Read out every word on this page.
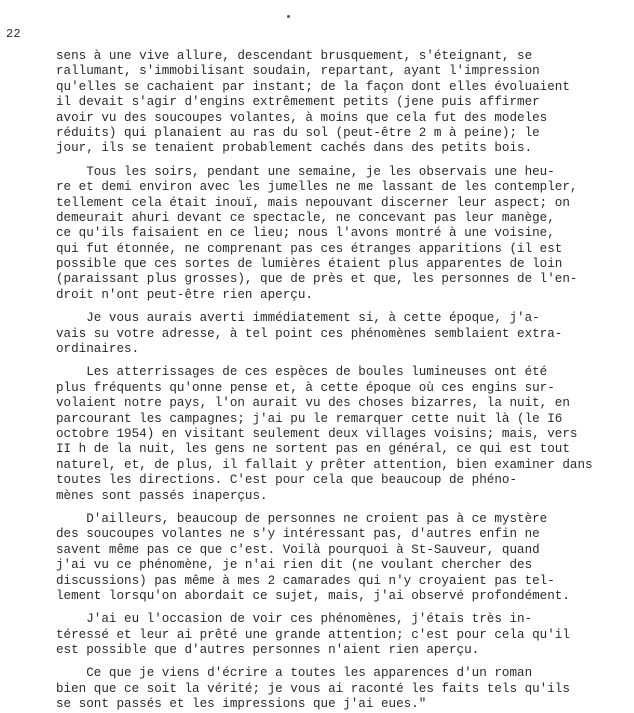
22
sens à une vive allure, descendant brusquement, s'éteignant, se
rallumant, s'immobilisant soudain, repartant, ayant l'impression
qu'elles se cachaient par instant; de la façon dont elles évoluaient
il devait s'agir d'engins extrêmement petits (jene puis affirmer
avoir vu des soucoupes volantes, à moins que cela fut des modeles
réduits) qui planaient au ras du sol (peut-être 2 m à peine); le
jour, ils se tenaient probablement cachés dans des petits bois.
Tous les soirs, pendant une semaine, je les observais une heu-
re et demi environ avec les jumelles ne me lassant de les contempler,
tellement cela était inouï, mais nepouvant discerner leur aspect; on
demeurait ahuri devant ce spectacle, ne concevant pas leur manège,
ce qu'ils faisaient en ce lieu; nous l'avons montré à une voisine,
qui fut étonnée, ne comprenant pas ces étranges apparitions (il est
possible que ces sortes de lumières étaient plus apparentes de loin
(paraissant plus grosses), que de près et que, les personnes de l'en-
droit n'ont peut-être rien aperçu.
Je vous aurais averti immédiatement si, à cette époque, j'a-
vais su votre adresse, à tel point ces phénomènes semblaient extra-
ordinaires.
Les atterrissages de ces espèces de boules lumineuses ont été
plus fréquents qu'onne pense et, à cette époque où ces engins sur-
volaient notre pays, l'on aurait vu des choses bizarres, la nuit, en
parcourant les campagnes; j'ai pu le remarquer cette nuit là (le I6
octobre 1954) en visitant seulement deux villages voisins; mais, vers
II h de la nuit, les gens ne sortent pas en général, ce qui est tout
naturel, et, de plus, il fallait y prêter attention, bien examiner dans
toutes les directions. C'est pour cela que beaucoup de phéno-
mènes sont passés inaperçus.
D'ailleurs, beaucoup de personnes ne croient pas à ce mystère
des soucoupes volantes ne s'y intéressant pas, d'autres enfin ne
savent même pas ce que c'est. Voilà pourquoi à St-Sauveur, quand
j'ai vu ce phénomène, je n'ai rien dit (ne voulant chercher des
discussions) pas même à mes 2 camarades qui n'y croyaient pas tel-
lement lorsqu'on abordait ce sujet, mais, j'ai observé profondément.
J'ai eu l'occasion de voir ces phénomènes, j'étais très in-
téressé et leur ai prêté une grande attention; c'est pour cela qu'il
est possible que d'autres personnes n'aient rien aperçu.
Ce que je viens d'écrire a toutes les apparences d'un roman
bien que ce soit la vérité; je vous ai raconté les faits tels qu'ils
se sont passés et les impressions que j'ai eues."
